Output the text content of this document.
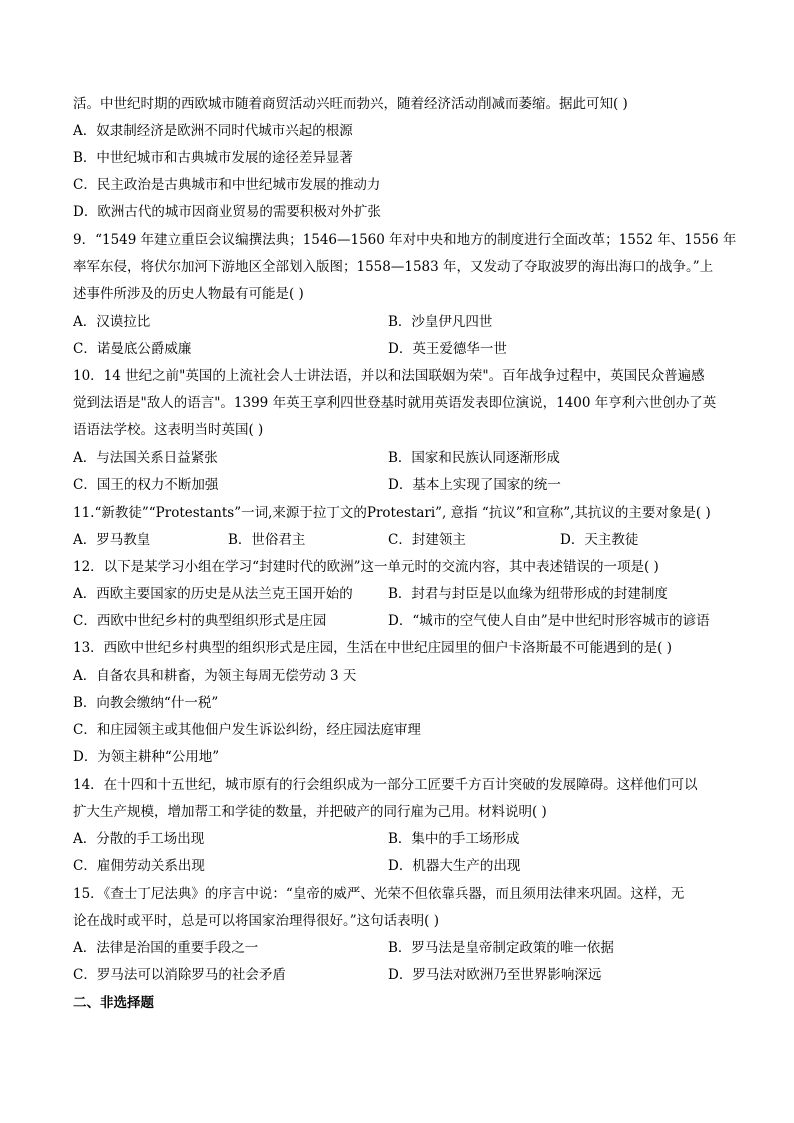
活。中世纪时期的西欧城市随着商贸活动兴旺而勃兴，随着经济活动削减而萎缩。据此可知( )
A．奴隶制经济是欧洲不同时代城市兴起的根源
B．中世纪城市和古典城市发展的途径差异显著
C．民主政治是古典城市和中世纪城市发展的推动力
D．欧洲古代的城市因商业贸易的需要积极对外扩张
9．“1549 年建立重臣会议编撰法典；1546—1560 年对中央和地方的制度进行全面改革；1552 年、1556 年
率军东侵，将伏尔加河下游地区全部划入版图；1558—1583 年，又发动了夺取波罗的海出海口的战争。”上
述事件所涉及的历史人物最有可能是( )
A．汉谟拉比	B．沙皇伊凡四世
C．诺曼底公爵威廉	D．英王爱德华一世
10．14 世纪之前"英国的上流社会人士讲法语，并以和法国联姻为荣"。百年战争过程中，英国民众普遍感
觉到法语是"敌人的语言"。1399 年英王享利四世登基时就用英语发表即位演说，1400 年亨利六世创办了英
语语法学校。这表明当时英国( )
A．与法国关系日益紧张	B．国家和民族认同逐渐形成
C．国王的权力不断加强	D．基本上实现了国家的统一
11.“新教徒”“Protestants”一词,来源于拉丁文的Protestari”, 意指 “抗议”和宣称”,其抗议的主要对象是( )
A．罗马教皇	B．世俗君主	C．封建领主	D．天主教徒
12．以下是某学习小组在学习“封建时代的欧洲”这一单元时的交流内容，其中表述错误的一项是( )
A．西欧主要国家的历史是从法兰克王国开始的	B．封君与封臣是以血缘为纽带形成的封建制度
C．西欧中世纪乡村的典型组织形式是庄园	D．“城市的空气使人自由”是中世纪时形容城市的谚语
13．西欧中世纪乡村典型的组织形式是庄园，生活在中世纪庄园里的佃户卡洛斯最不可能遇到的是( )
A．自备农具和耕畜，为领主每周无偿劳动 3 天
B．向教会缴纳“什一税”
C．和庄园领主或其他佃户发生诉讼纠纷，经庄园法庭审理
D．为领主耕种“公用地”
14．在十四和十五世纪，城市原有的行会组织成为一部分工匠要千方百计突破的发展障碍。这样他们可以
扩大生产规模，增加帮工和学徒的数量，并把破产的同行雇为己用。材料说明( )
A．分散的手工场出现	B．集中的手工场形成
C．雇佣劳动关系出现	D．机器大生产的出现
15．《查士丁尼法典》的序言中说：“皇帝的威严、光荣不但依靠兵器，而且须用法律来巩固。这样，无
论在战时或平时，总是可以将国家治理得很好。”这句话表明( )
A．法律是治国的重要手段之一	B．罗马法是皇帝制定政策的唯一依据
C．罗马法可以消除罗马的社会矛盾	D．罗马法对欧洲乃至世界影响深远
二、非选择题
